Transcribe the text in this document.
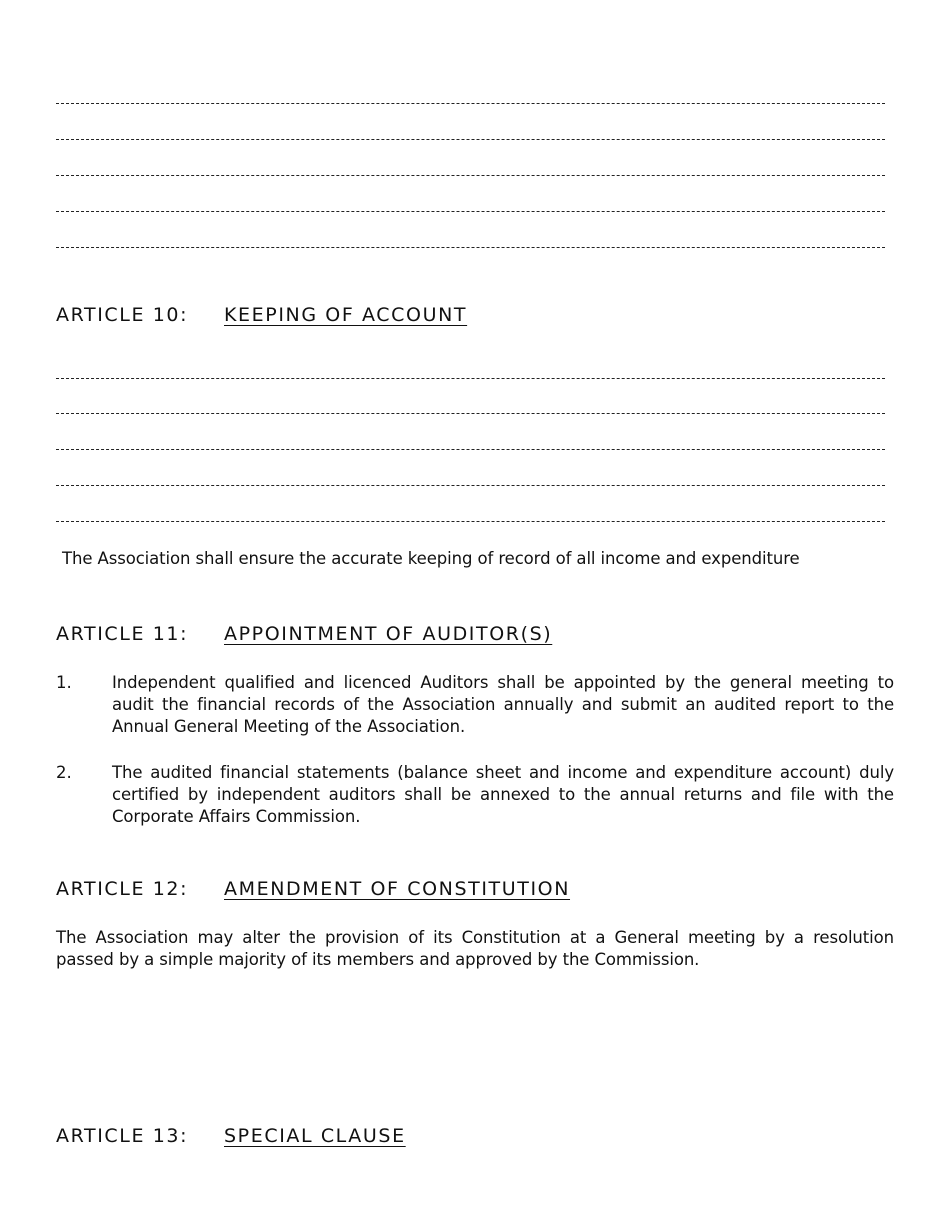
ARTICLE 10: KEEPING OF ACCOUNT

The Association shall ensure the accurate keeping of record of all income and expenditure

ARTICLE 11: APPOINTMENT OF AUDITOR(S)
1. Independent qualified and licenced Auditors shall be appointed by the general meeting to audit the financial records of the Association annually and submit an audited report to the Annual General Meeting of the Association.
2. The audited financial statements (balance sheet and income and expenditure account) duly certified by independent auditors shall be annexed to the annual returns and file with the Corporate Affairs Commission.
ARTICLE 12: AMENDMENT OF CONSTITUTION

The Association may alter the provision of its Constitution at a General meeting by a resolution passed by a simple majority of its members and approved by the Commission.

ARTICLE 13: SPECIAL CLAUSE
